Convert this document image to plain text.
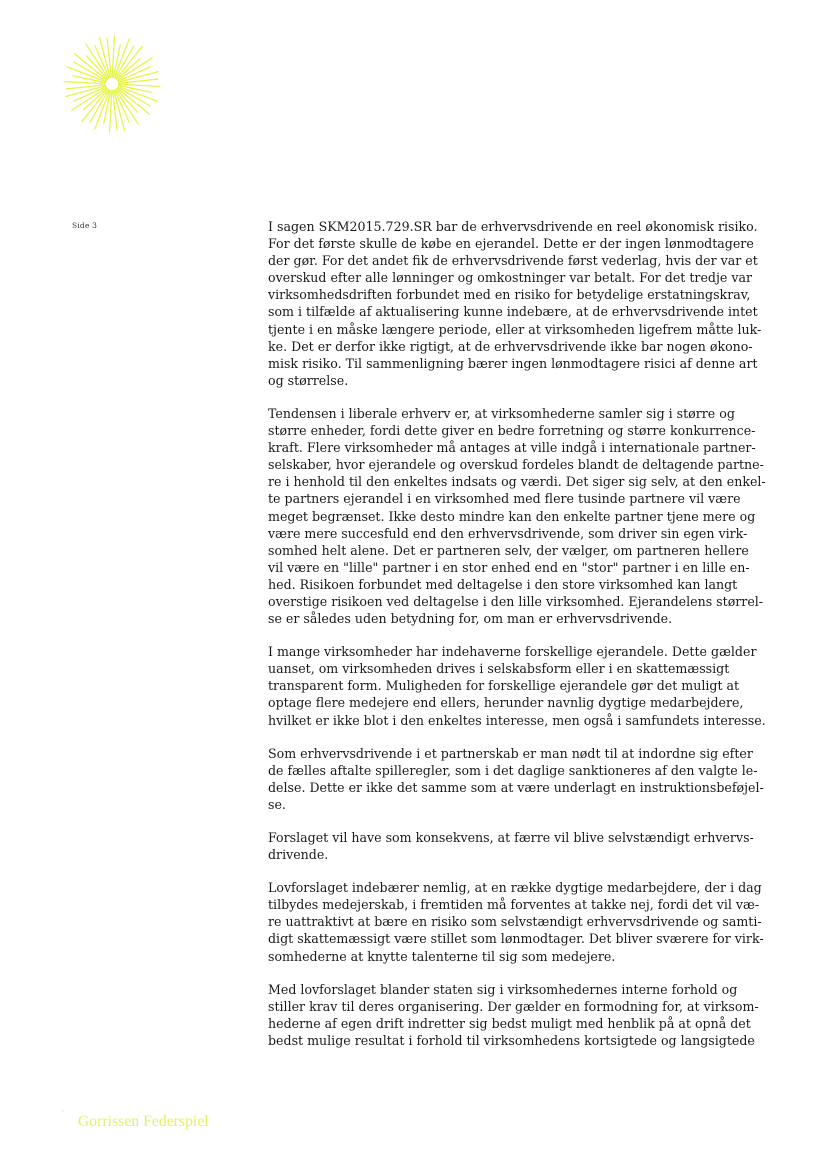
Side 3	I sagen SKM2015.729.SR bar de erhvervsdrivende en reel økonomisk risiko.
For det første skulle de købe en ejerandel. Dette er der ingen lønmodtagere
der gør. For det andet fik de erhvervsdrivende først vederlag, hvis der var et
overskud efter alle lønninger og omkostninger var betalt. For det tredje var
virksomhedsdriften forbundet med en risiko for betydelige erstatningskrav,
som i tilfælde af aktualisering kunne indebære, at de erhvervsdrivende intet
tjente i en måske længere periode, eller at virksomheden ligefrem måtte luk-
ke. Det er derfor ikke rigtigt, at de erhvervsdrivende ikke bar nogen økono-
misk risiko. Til sammenligning bærer ingen lønmodtagere risici af denne art
og størrelse.

Tendensen i liberale erhverv er, at virksomhederne samler sig i større og
større enheder, fordi dette giver en bedre forretning og større konkurrence-
kraft. Flere virksomheder må antages at ville indgå i internationale partner-
selskaber, hvor ejerandele og overskud fordeles blandt de deltagende partne-
re i henhold til den enkeltes indsats og værdi. Det siger sig selv, at den enkel-
te partners ejerandel i en virksomhed med flere tusinde partnere vil være
meget begrænset. Ikke desto mindre kan den enkelte partner tjene mere og
være mere succesfuld end den erhvervsdrivende, som driver sin egen virk-
somhed helt alene. Det er partneren selv, der vælger, om partneren hellere
vil være en "lille" partner i en stor enhed end en "stor" partner i en lille en-
hed. Risikoen forbundet med deltagelse i den store virksomhed kan langt
overstige risikoen ved deltagelse i den lille virksomhed. Ejerandelens størrel-
se er således uden betydning for, om man er erhvervsdrivende.

I mange virksomheder har indehaverne forskellige ejerandele. Dette gælder
uanset, om virksomheden drives i selskabsform eller i en skattemæssigt
transparent form. Muligheden for forskellige ejerandele gør det muligt at
optage flere medejere end ellers, herunder navnlig dygtige medarbejdere,
hvilket er ikke blot i den enkeltes interesse, men også i samfundets interesse.

Som erhvervsdrivende i et partnerskab er man nødt til at indordne sig efter
de fælles aftalte spilleregler, som i det daglige sanktioneres af den valgte le-
delse. Dette er ikke det samme som at være underlagt en instruktionsbeføjel-
se.

Forslaget vil have som konsekvens, at færre vil blive selvstændigt erhvervs-
drivende.

Lovforslaget indebærer nemlig, at en række dygtige medarbejdere, der i dag
tilbydes medejerskab, i fremtiden må forventes at takke nej, fordi det vil væ-
re uattraktivt at bære en risiko som selvstændigt erhvervsdrivende og samti-
digt skattemæssigt være stillet som lønmodtager. Det bliver sværere for virk-
somhederne at knytte talenterne til sig som medejere.

Med lovforslaget blander staten sig i virksomhedernes interne forhold og
stiller krav til deres organisering. Der gælder en formodning for, at virksom-
hederne af egen drift indretter sig bedst muligt med henblik på at opnå det
bedst mulige resultat i forhold til virksomhedens kortsigtede og langsigtede

Gorrissen Federspiel
